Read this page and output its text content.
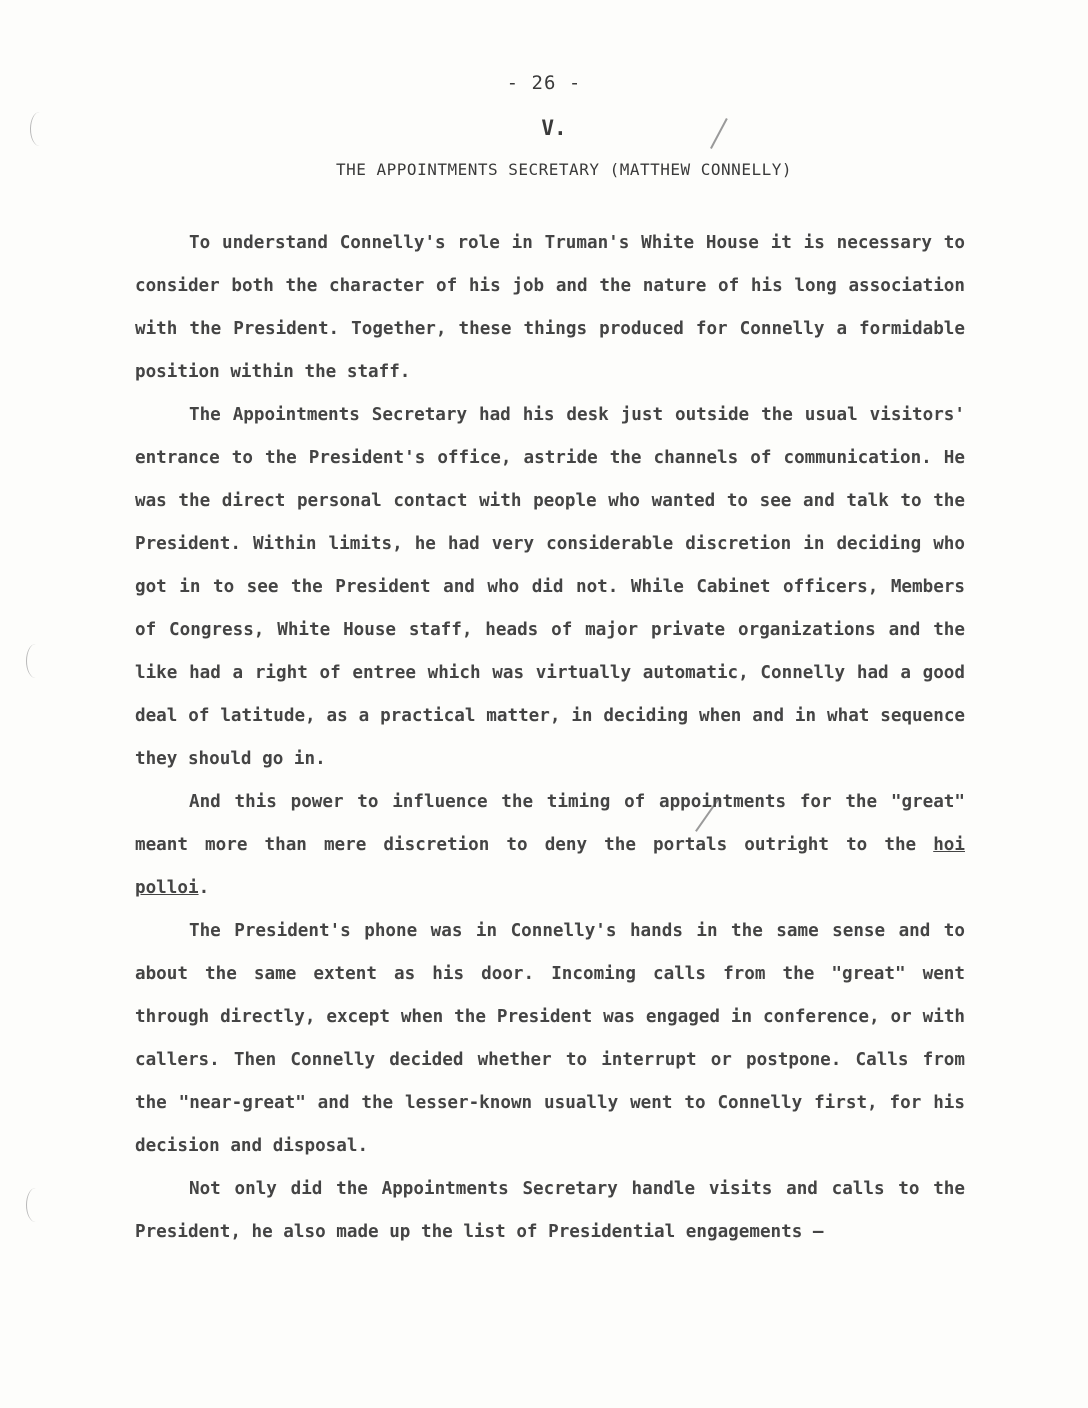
- 26 -
V.
THE APPOINTMENTS SECRETARY (MATTHEW CONNELLY)

To understand Connelly's role in Truman's White House it is necessary to consider both the character of his job and the nature of his long association with the President. Together, these things produced for Connelly a formidable position within the staff.

The Appointments Secretary had his desk just outside the usual visitors' entrance to the President's office, astride the channels of communication. He was the direct personal contact with people who wanted to see and talk to the President. Within limits, he had very considerable discretion in deciding who got in to see the President and who did not. While Cabinet officers, Members of Congress, White House staff, heads of major private organizations and the like had a right of entree which was virtually automatic, Connelly had a good deal of latitude, as a practical matter, in deciding when and in what sequence they should go in.

And this power to influence the timing of appointments for the "great" meant more than mere discretion to deny the portals outright to the hoi polloi.

The President's phone was in Connelly's hands in the same sense and to about the same extent as his door. Incoming calls from the "great" went through directly, except when the President was engaged in conference, or with callers. Then Connelly decided whether to interrupt or postpone. Calls from the "near-great" and the lesser-known usually went to Connelly first, for his decision and disposal.

Not only did the Appointments Secretary handle visits and calls to the President, he also made up the list of Presidential engagements —
